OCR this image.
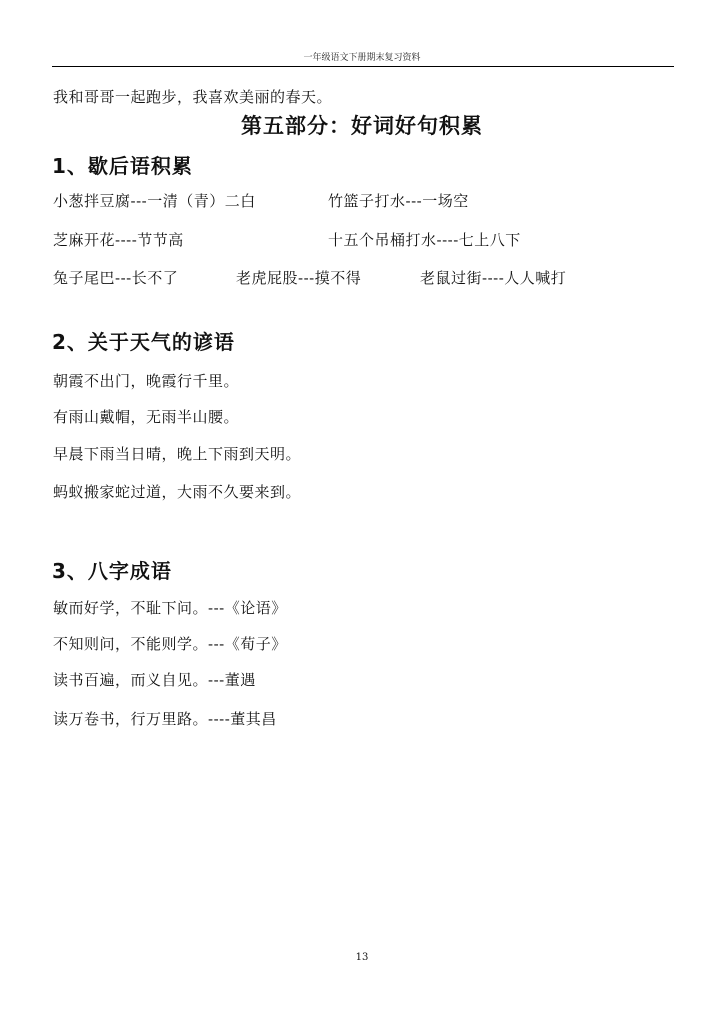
一年级语文下册期末复习资料
我和哥哥一起跑步，我喜欢美丽的春天。
第五部分：好词好句积累
1、歇后语积累
小葱拌豆腐---一清（青）二白	竹篮子打水---一场空
芝麻开花----节节高	十五个吊桶打水----七上八下
兔子尾巴---长不了	老虎屁股---摸不得	老鼠过街----人人喊打
2、关于天气的谚语
朝霞不出门，晚霞行千里。
有雨山戴帽，无雨半山腰。
早晨下雨当日晴，晚上下雨到天明。
蚂蚁搬家蛇过道，大雨不久要来到。
3、八字成语
敏而好学，不耻下问。---《论语》
不知则问，不能则学。---《荀子》
读书百遍，而义自见。---董遇
读万卷书，行万里路。----董其昌
13
